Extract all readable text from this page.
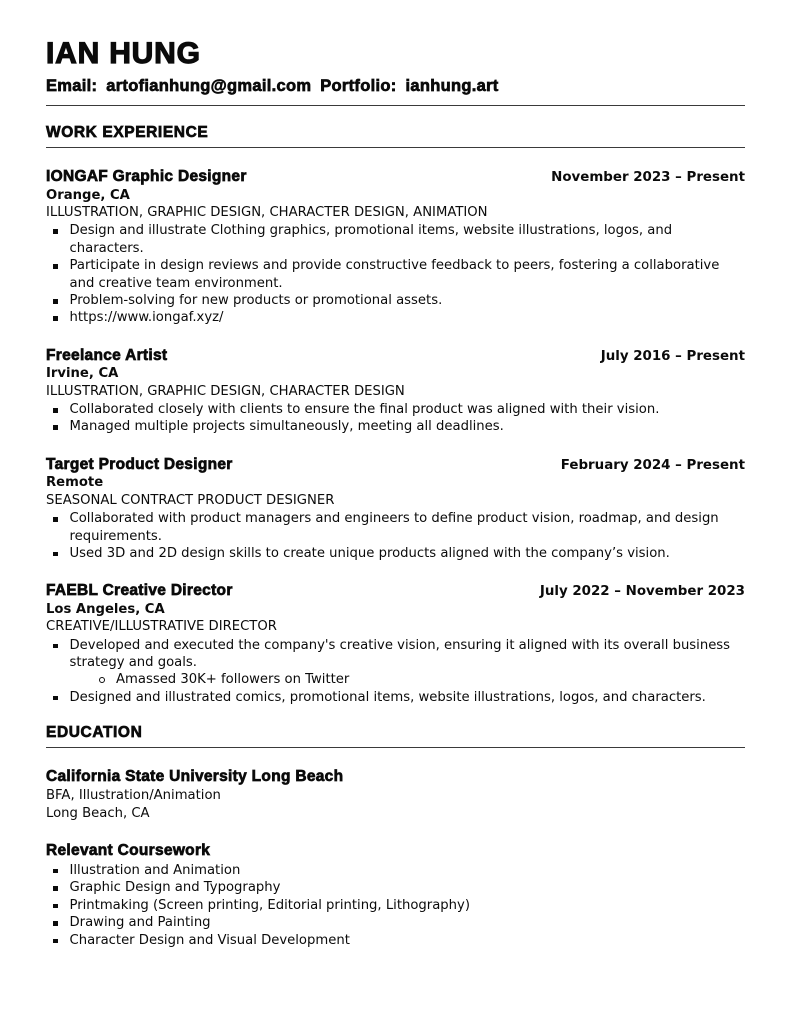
IAN HUNG
Email: artofianhung@gmail.com Portfolio: ianhung.art
WORK EXPERIENCE
IONGAF Graphic Designer	November 2023 – Present
Orange, CA
ILLUSTRATION, GRAPHIC DESIGN, CHARACTER DESIGN, ANIMATION
Design and illustrate Clothing graphics, promotional items, website illustrations, logos, and characters.
Participate in design reviews and provide constructive feedback to peers, fostering a collaborative and creative team environment.
Problem-solving for new products or promotional assets.
https://www.iongaf.xyz/
Freelance Artist	July 2016 – Present
Irvine, CA
ILLUSTRATION, GRAPHIC DESIGN, CHARACTER DESIGN
Collaborated closely with clients to ensure the final product was aligned with their vision.
Managed multiple projects simultaneously, meeting all deadlines.
Target Product Designer	February 2024 – Present
Remote
SEASONAL CONTRACT PRODUCT DESIGNER
Collaborated with product managers and engineers to define product vision, roadmap, and design requirements.
Used 3D and 2D design skills to create unique products aligned with the company’s vision.
FAEBL Creative Director	July 2022 – November 2023
Los Angeles, CA
CREATIVE/ILLUSTRATIVE DIRECTOR
Developed and executed the company's creative vision, ensuring it aligned with its overall business strategy and goals.
Amassed 30K+ followers on Twitter
Designed and illustrated comics, promotional items, website illustrations, logos, and characters.
EDUCATION
California State University Long Beach
BFA, Illustration/Animation
Long Beach, CA
Relevant Coursework
Illustration and Animation
Graphic Design and Typography
Printmaking (Screen printing, Editorial printing, Lithography)
Drawing and Painting
Character Design and Visual Development
